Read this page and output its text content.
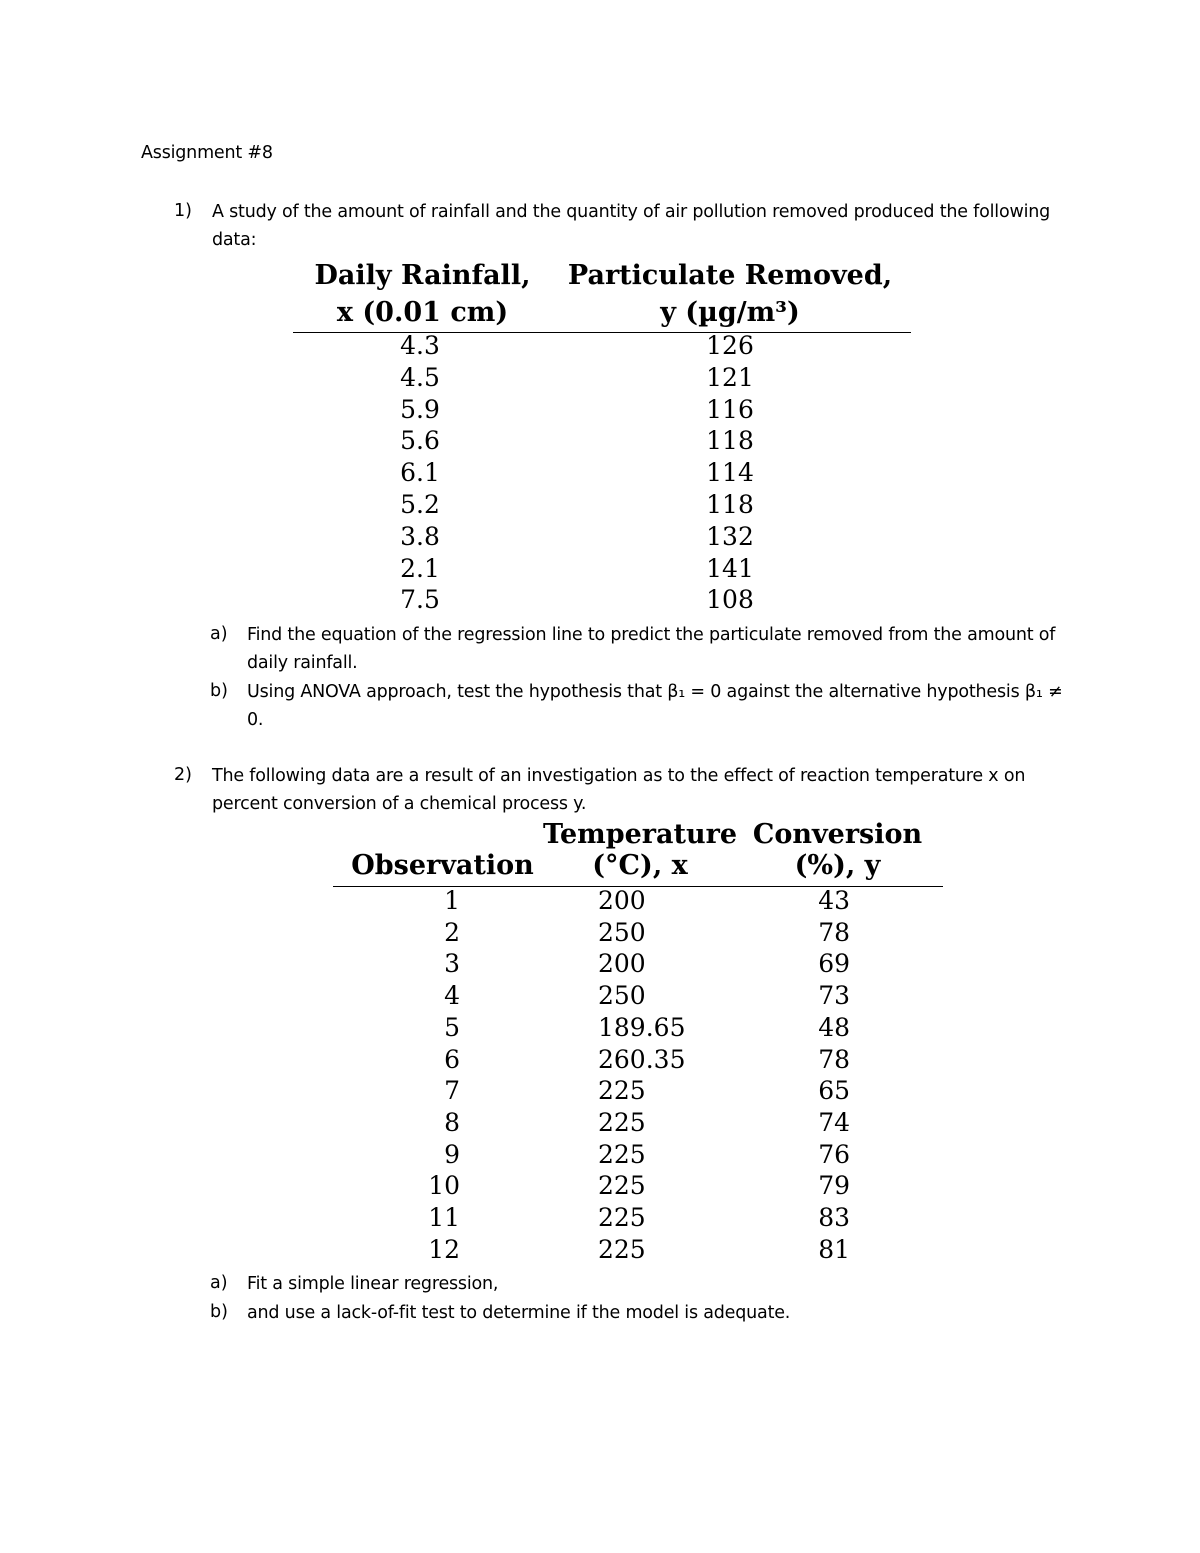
Assignment #8
1) A study of the amount of rainfall and the quantity of air pollution removed produced the following data:
Daily Rainfall,
x (0.01 cm)
Particulate Removed,
y (µg/m³)
4.3	126
4.5	121
5.9	116
5.6	118
6.1	114
5.2	118
3.8	132
2.1	141
7.5	108
a) Find the equation of the regression line to predict the particulate removed from the amount of daily rainfall.
b) Using ANOVA approach, test the hypothesis that β₁ = 0 against the alternative hypothesis β₁ ≠ 0.
2) The following data are a result of an investigation as to the effect of reaction temperature x on percent conversion of a chemical process y.
Observation
Temperature
(°C), x
Conversion
(%), y
1	200	43
2	250	78
3	200	69
4	250	73
5	189.65	48
6	260.35	78
7	225	65
8	225	74
9	225	76
10	225	79
11	225	83
12	225	81
a) Fit a simple linear regression,
b) and use a lack-of-fit test to determine if the model is adequate.
